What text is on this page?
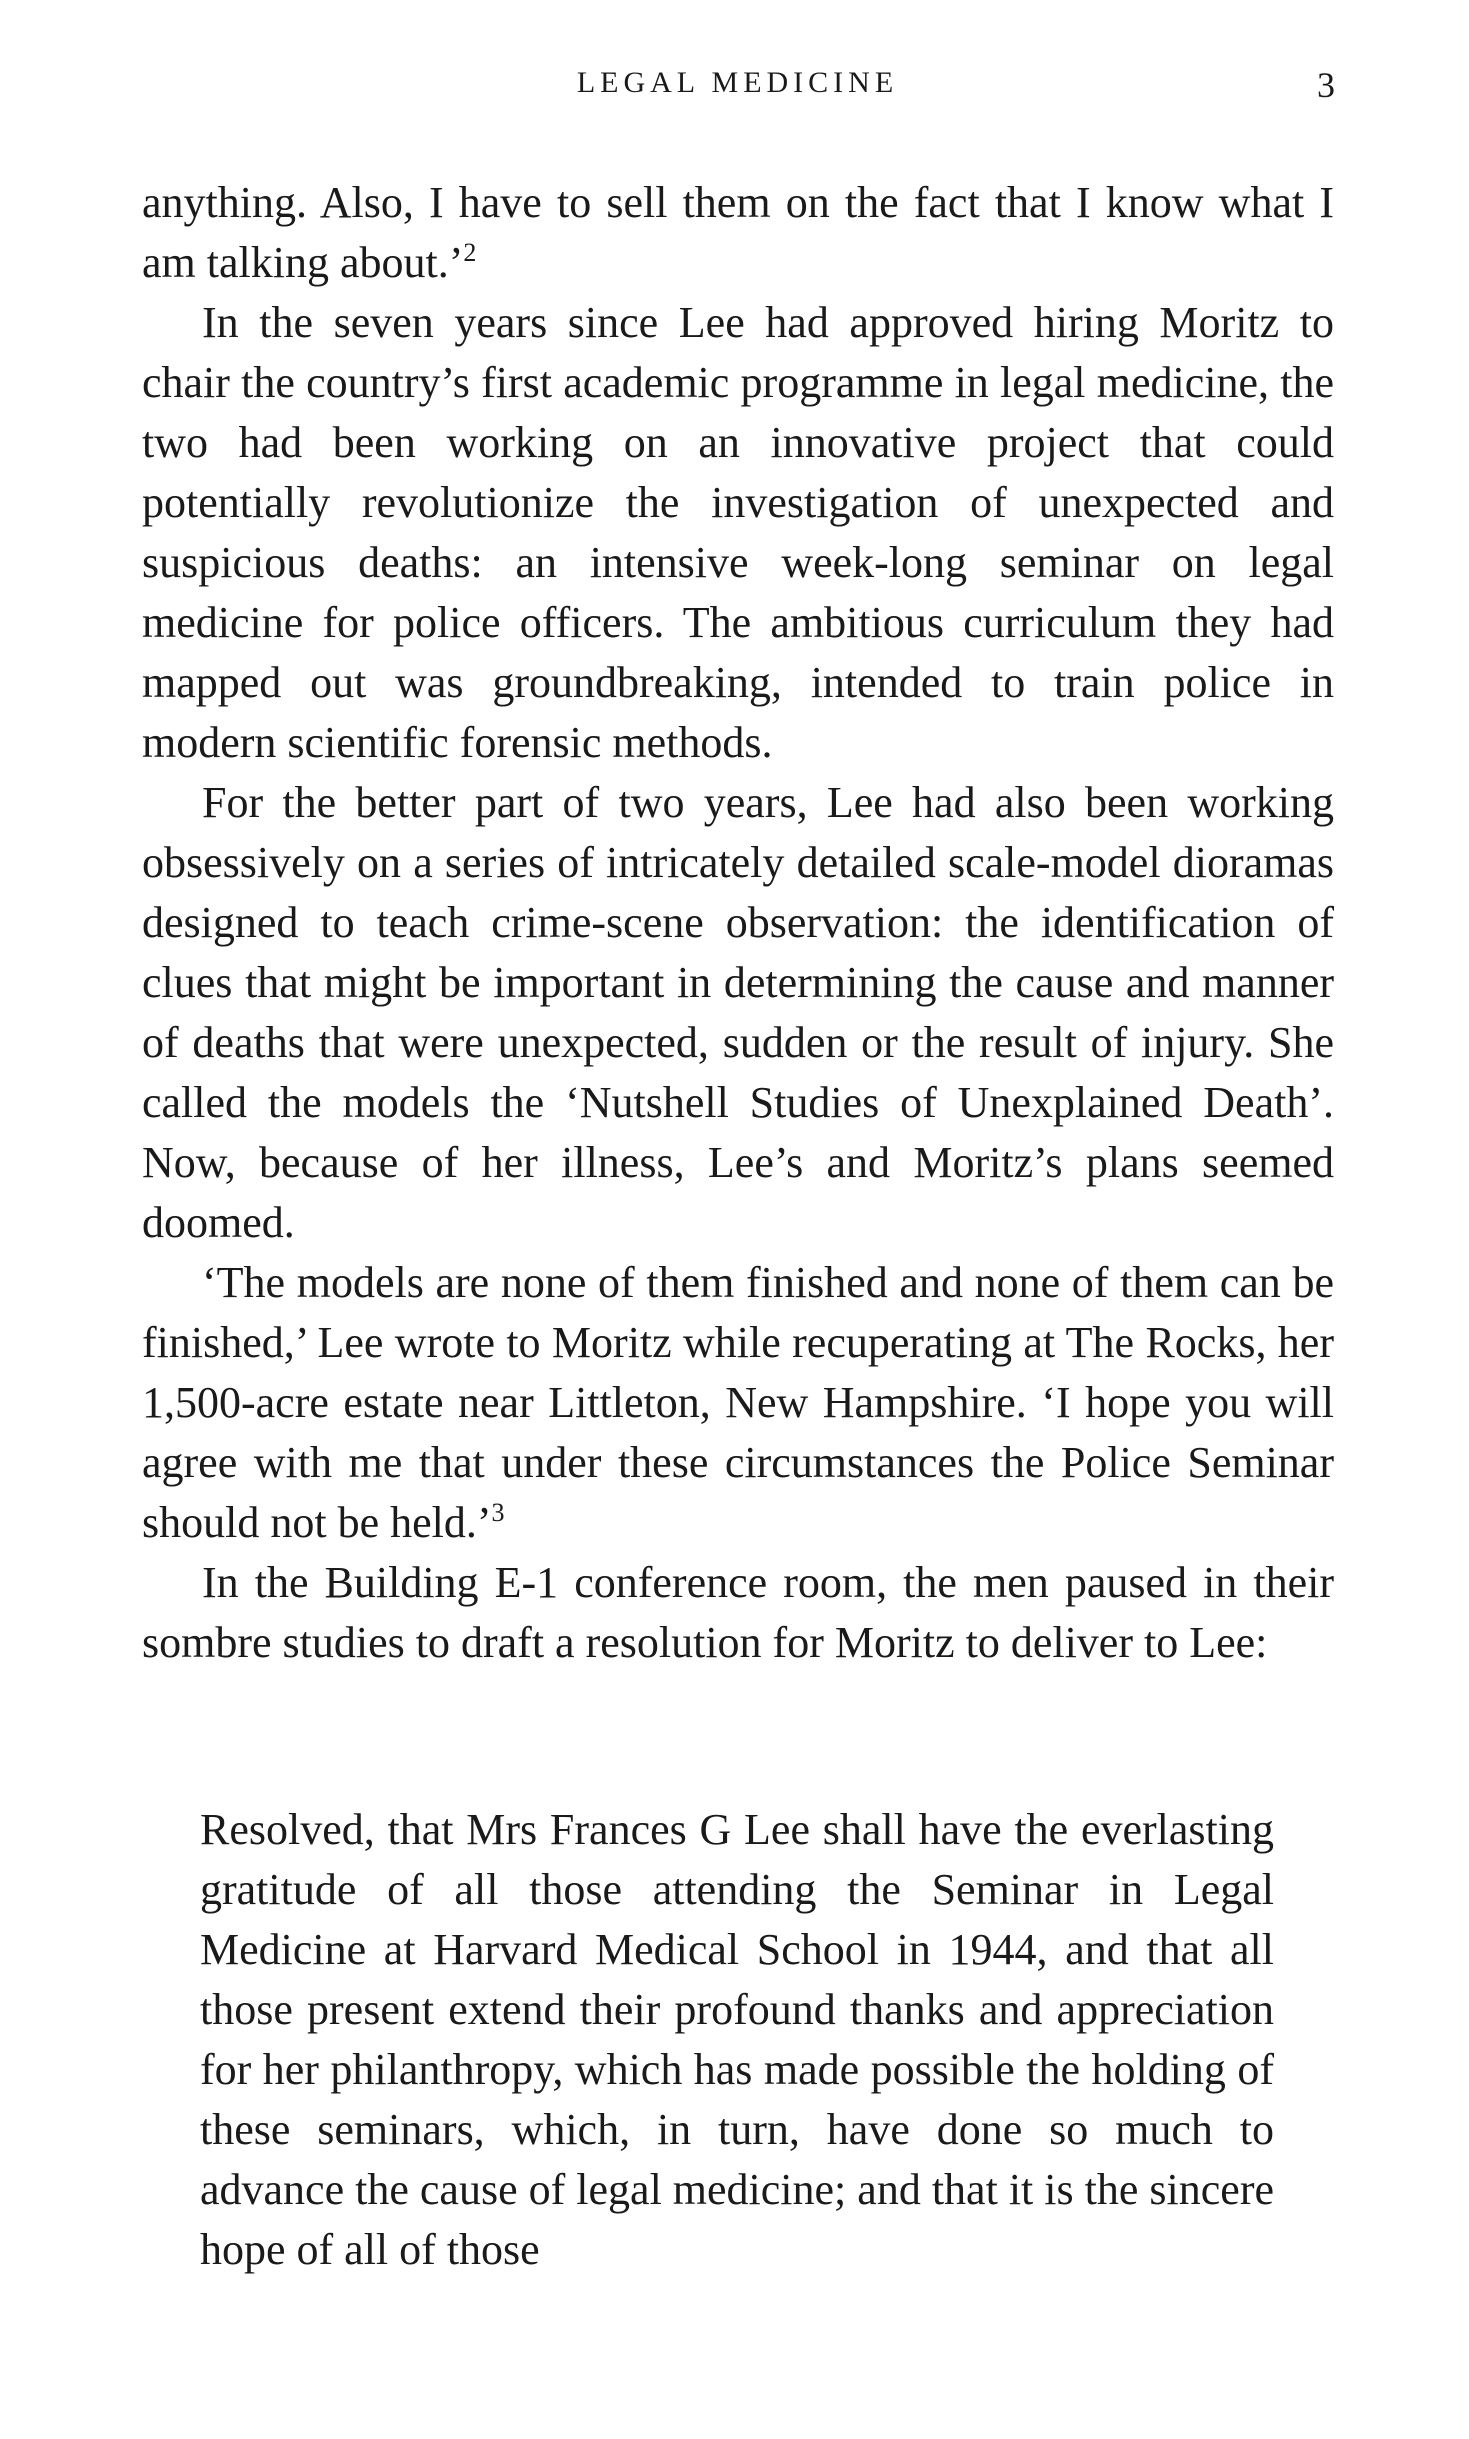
LEGAL MEDICINE	3

anything. Also, I have to sell them on the fact that I know what I am talking about.’$^2$

In the seven years since Lee had approved hiring Moritz to chair the country’s first academic programme in legal medicine, the two had been working on an innovative project that could potentially revolutionize the investigation of unexpected and suspicious deaths: an intensive week-long seminar on legal medicine for police officers. The ambitious curriculum they had mapped out was groundbreaking, intended to train police in modern scientific forensic methods.

For the better part of two years, Lee had also been working obsessively on a series of intricately detailed scale-model dioramas designed to teach crime-scene observation: the identification of clues that might be important in determining the cause and manner of deaths that were unexpected, sudden or the result of injury. She called the models the ‘Nutshell Studies of Unexplained Death’. Now, because of her illness, Lee’s and Moritz’s plans seemed doomed.

‘The models are none of them finished and none of them can be finished,’ Lee wrote to Moritz while recuperating at The Rocks, her 1,500-acre estate near Littleton, New Hampshire. ‘I hope you will agree with me that under these circumstances the Police Seminar should not be held.’$^3$

In the Building E-1 conference room, the men paused in their sombre studies to draft a resolution for Moritz to deliver to Lee:

Resolved, that Mrs Frances G Lee shall have the everlasting gratitude of all those attending the Seminar in Legal Medicine at Harvard Medical School in 1944, and that all those present extend their profound thanks and appreciation for her philanthropy, which has made possible the holding of these seminars, which, in turn, have done so much to advance the cause of legal medicine; and that it is the sincere hope of all of those
